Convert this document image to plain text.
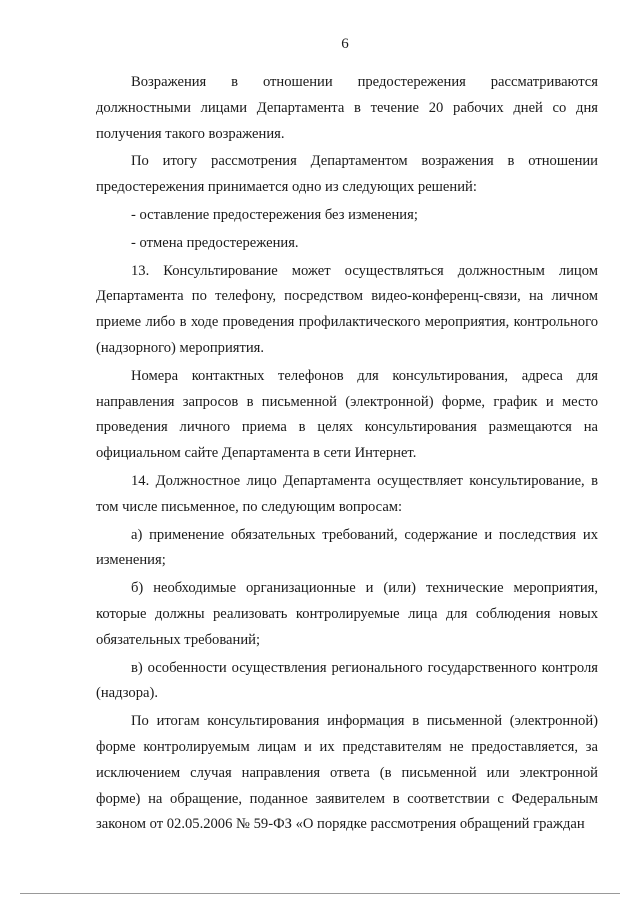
6

Возражения в отношении предостережения рассматриваются должностными лицами Департамента в течение 20 рабочих дней со дня получения такого возражения.

По итогу рассмотрения Департаментом возражения в отношении предостережения принимается одно из следующих решений:

- оставление предостережения без изменения;

- отмена предостережения.

13. Консультирование может осуществляться должностным лицом Департамента по телефону, посредством видео-конференц-связи, на личном приеме либо в ходе проведения профилактического мероприятия, контрольного (надзорного) мероприятия.

Номера контактных телефонов для консультирования, адреса для направления запросов в письменной (электронной) форме, график и место проведения личного приема в целях консультирования размещаются на официальном сайте Департамента в сети Интернет.

14. Должностное лицо Департамента осуществляет консультирование, в том числе письменное, по следующим вопросам:

а) применение обязательных требований, содержание и последствия их изменения;

б) необходимые организационные и (или) технические мероприятия, которые должны реализовать контролируемые лица для соблюдения новых обязательных требований;

в) особенности осуществления регионального государственного контроля (надзора).

По итогам консультирования информация в письменной (электронной) форме контролируемым лицам и их представителям не предоставляется, за исключением случая направления ответа (в письменной или электронной форме) на обращение, поданное заявителем в соответствии с Федеральным законом от 02.05.2006 № 59-ФЗ «О порядке рассмотрения обращений граждан
